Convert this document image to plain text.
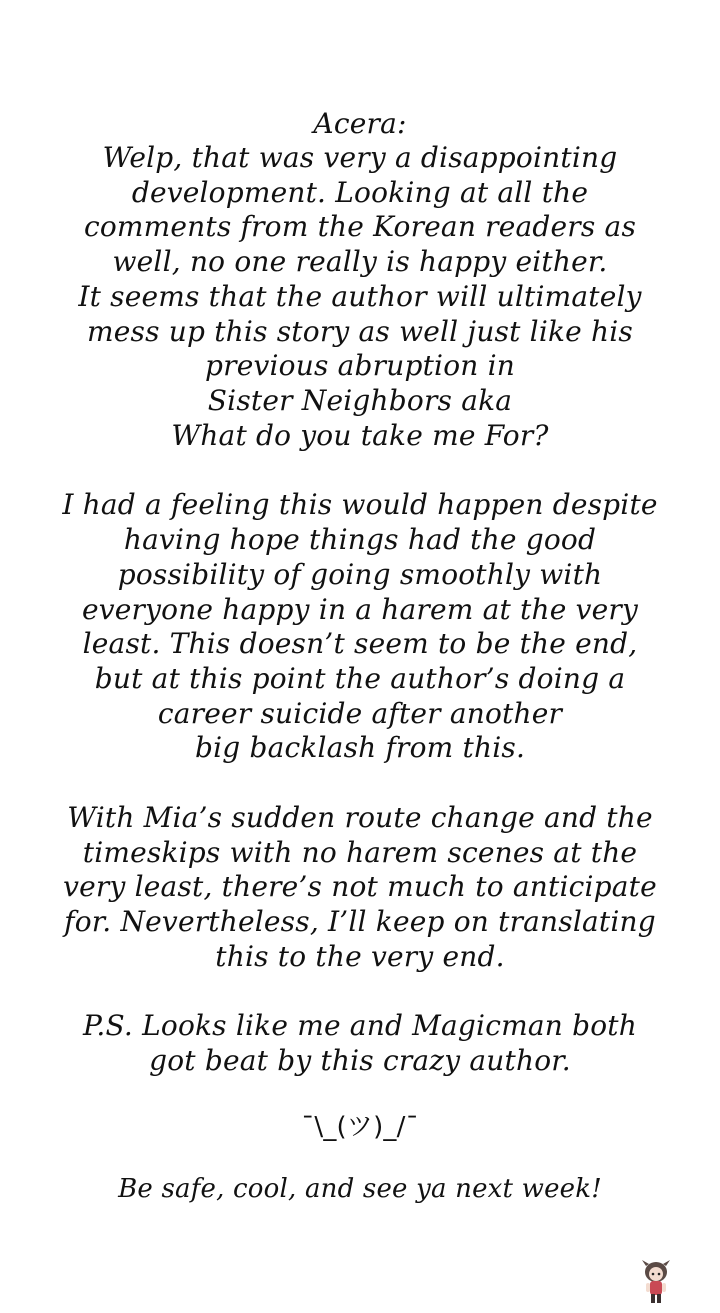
Acera:
Welp, that was very a disappointing
development. Looking at all the
comments from the Korean readers as
well, no one really is happy either.
It seems that the author will ultimately
mess up this story as well just like his
previous abruption in
Sister Neighbors aka
What do you take me For?
I had a feeling this would happen despite
having hope things had the good
possibility of going smoothly with
everyone happy in a harem at the very
least. This doesn’t seem to be the end,
but at this point the author’s doing a
career suicide after another
big backlash from this.
With Mia’s sudden route change and the
timeskips with no harem scenes at the
very least, there’s not much to anticipate
for. Nevertheless, I’ll keep on translating
this to the very end.
P.S. Looks like me and Magicman both
got beat by this crazy author.
¯\_(ツ)_/¯
Be safe, cool, and see ya next week!
